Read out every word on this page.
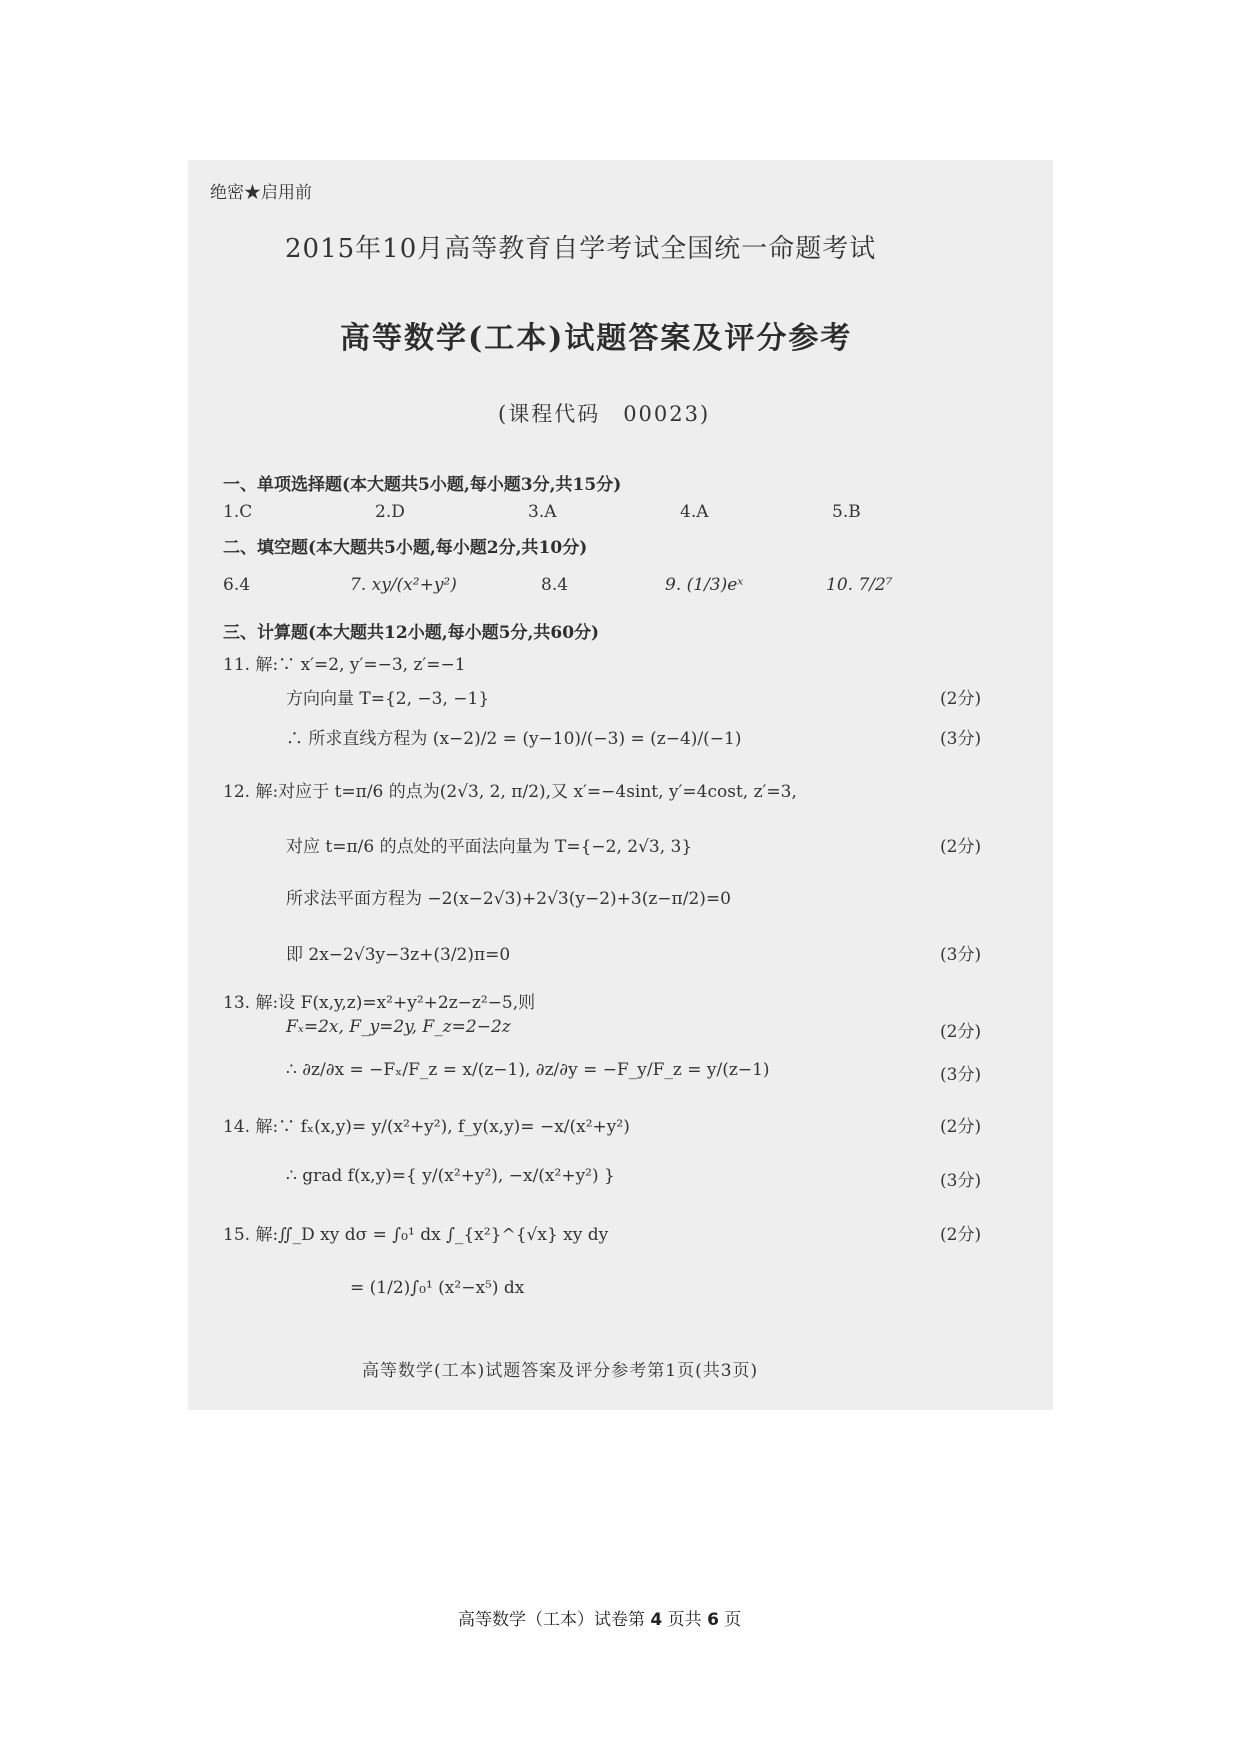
绝密★启用前
2015年10月高等教育自学考试全国统一命题考试
高等数学(工本)试题答案及评分参考
(课程代码　00023)
一、单项选择题(本大题共5小题,每小题3分,共15分)
1.C	2.D	3.A	4.A	5.B
二、填空题(本大题共5小题,每小题2分,共10分)
6.4	7. xy/(x²+y²)	8.4	9. (1/3)eˣ	10. 7/2⁷
三、计算题(本大题共12小题,每小题5分,共60分)
11. 解:∵ x′=2, y′=−3, z′=−1
方向向量 T={2, −3, −1}	(2分)
∴ 所求直线方程为 (x−2)/2 = (y−10)/(−3) = (z−4)/(−1)	(3分)
12. 解:对应于 t=π/6 的点为(2√3, 2, π/2),又 x′=−4sint, y′=4cost, z′=3,
对应 t=π/6 的点处的平面法向量为 T={−2, 2√3, 3}	(2分)
所求法平面方程为 −2(x−2√3)+2√3(y−2)+3(z−π/2)=0
即 2x−2√3y−3z+(3/2)π=0	(3分)
13. 解:设 F(x,y,z)=x²+y²+2z−z²−5,则
Fₓ=2x, F_y=2y, F_z=2−2z	(2分)
∴ ∂z/∂x = −Fₓ/F_z = x/(z−1), ∂z/∂y = −F_y/F_z = y/(z−1)	(3分)
14. 解:∵ fₓ(x,y)= y/(x²+y²), f_y(x,y)= −x/(x²+y²)	(2分)
∴ grad f(x,y)={ y/(x²+y²), −x/(x²+y²) }	(3分)
15. 解:∬_D xy dσ = ∫₀¹ dx ∫_{x²}^{√x} xy dy	(2分)
= (1/2)∫₀¹ (x²−x⁵) dx
高等数学(工本)试题答案及评分参考第1页(共3页)
高等数学（工本）试卷第 4 页共 6 页
